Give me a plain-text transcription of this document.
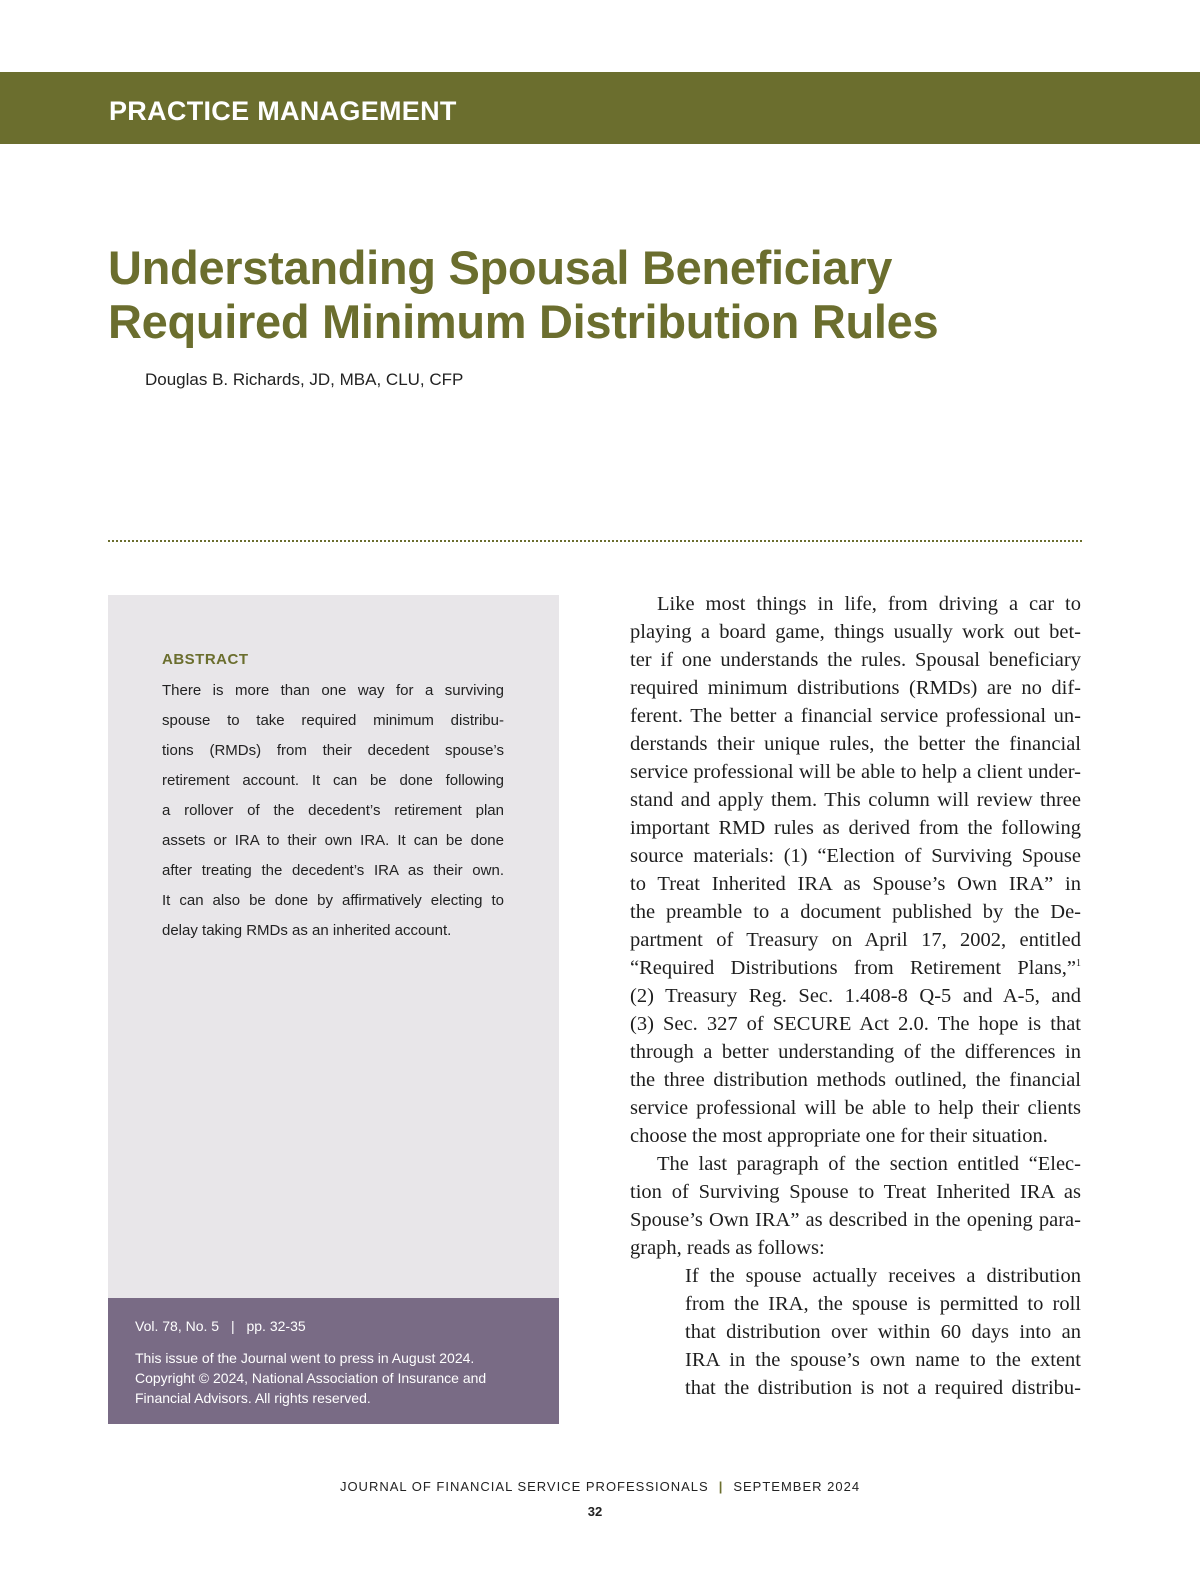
PRACTICE MANAGEMENT
Understanding Spousal Beneficiary
Required Minimum Distribution Rules
Douglas B. Richards, JD, MBA, CLU, CFP
ABSTRACT
There is more than one way for a surviving
spouse to take required minimum distribu-
tions (RMDs) from their decedent spouse’s
retirement account. It can be done following
a rollover of the decedent’s retirement plan
assets or IRA to their own IRA. It can be done
after treating the decedent’s IRA as their own.
It can also be done by affirmatively electing to
delay taking RMDs as an inherited account.
Vol. 78, No. 5 | pp. 32-35
This issue of the Journal went to press in August 2024.
Copyright © 2024, National Association of Insurance and
Financial Advisors. All rights reserved.
Like most things in life, from driving a car to
playing a board game, things usually work out bet-
ter if one understands the rules. Spousal beneficiary
required minimum distributions (RMDs) are no dif-
ferent. The better a financial service professional un-
derstands their unique rules, the better the financial
service professional will be able to help a client under-
stand and apply them. This column will review three
important RMD rules as derived from the following
source materials: (1) “Election of Surviving Spouse
to Treat Inherited IRA as Spouse’s Own IRA” in
the preamble to a document published by the De-
partment of Treasury on April 17, 2002, entitled
“Required Distributions from Retirement Plans,”$^1$
(2) Treasury Reg. Sec. 1.408-8 Q-5 and A-5, and
(3) Sec. 327 of SECURE Act 2.0. The hope is that
through a better understanding of the differences in
the three distribution methods outlined, the financial
service professional will be able to help their clients
choose the most appropriate one for their situation.
The last paragraph of the section entitled “Elec-
tion of Surviving Spouse to Treat Inherited IRA as
Spouse’s Own IRA” as described in the opening para-
graph, reads as follows:
If the spouse actually receives a distribution
from the IRA, the spouse is permitted to roll
that distribution over within 60 days into an
IRA in the spouse’s own name to the extent
that the distribution is not a required distribu-
JOURNAL OF FINANCIAL SERVICE PROFESSIONALS | SEPTEMBER 2024
32
